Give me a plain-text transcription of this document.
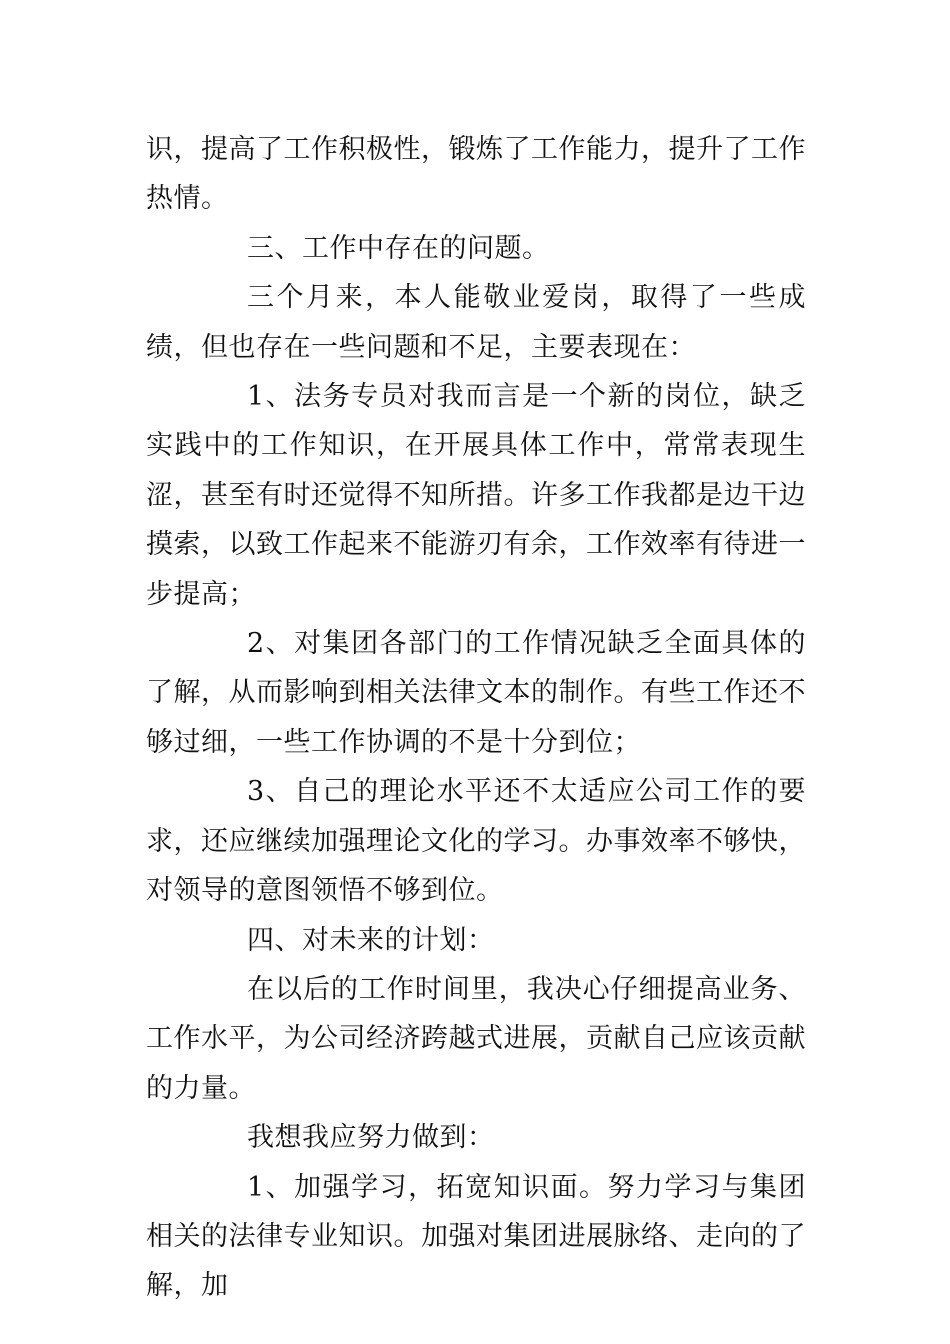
识，提高了工作积极性，锻炼了工作能力，提升了工作热情。

三、工作中存在的问题。

三个月来，本人能敬业爱岗，取得了一些成绩，但也存在一些问题和不足，主要表现在：

1、法务专员对我而言是一个新的岗位，缺乏实践中的工作知识，在开展具体工作中，常常表现生涩，甚至有时还觉得不知所措。许多工作我都是边干边摸索，以致工作起来不能游刃有余，工作效率有待进一步提高；

2、对集团各部门的工作情况缺乏全面具体的了解，从而影响到相关法律文本的制作。有些工作还不够过细，一些工作协调的不是十分到位；

3、自己的理论水平还不太适应公司工作的要求，还应继续加强理论文化的学习。办事效率不够快，对领导的意图领悟不够到位。

四、对未来的计划：

在以后的工作时间里，我决心仔细提高业务、工作水平，为公司经济跨越式进展，贡献自己应该贡献的力量。

我想我应努力做到：

1、加强学习，拓宽知识面。努力学习与集团相关的法律专业知识。加强对集团进展脉络、走向的了解，加
